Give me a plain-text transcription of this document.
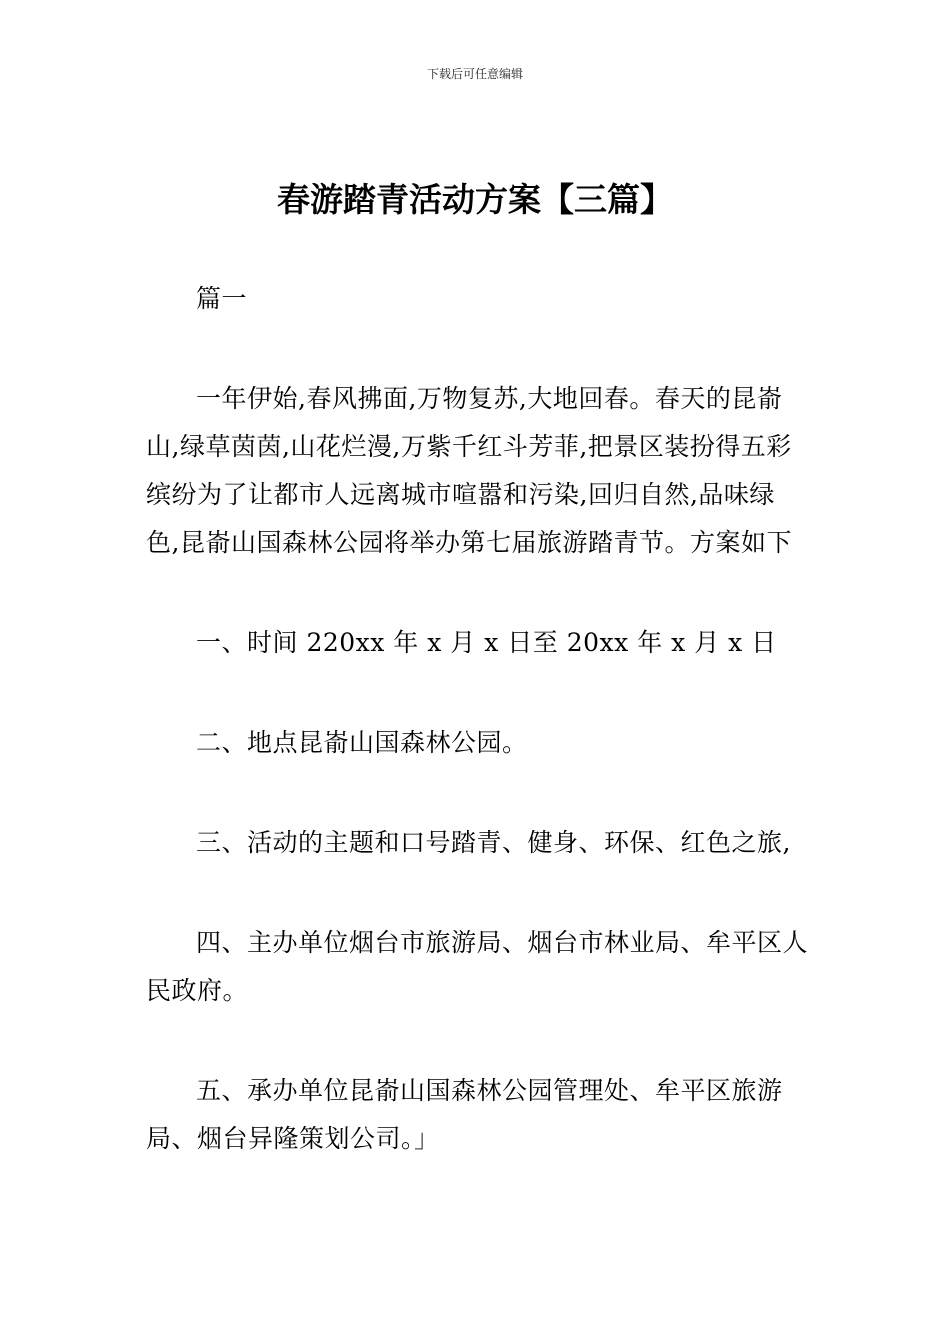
下载后可任意编辑
春游踏青活动方案【三篇】

篇一

一年伊始,春风拂面,万物复苏,大地回春。春天的昆嵛山,绿草茵茵,山花烂漫,万紫千红斗芳菲,把景区装扮得五彩缤纷为了让都市人远离城市喧嚣和污染,回归自然,品味绿色,昆嵛山国森林公园将举办第七届旅游踏青节。方案如下

一、时间 220xx 年 x 月 x 日至 20xx 年 x 月 x 日

二、地点昆嵛山国森林公园。

三、活动的主题和口号踏青、健身、环保、红色之旅,

四、主办单位烟台市旅游局、烟台市林业局、牟平区人民政府。

五、承办单位昆嵛山国森林公园管理处、牟平区旅游局、烟台异隆策划公司。」
